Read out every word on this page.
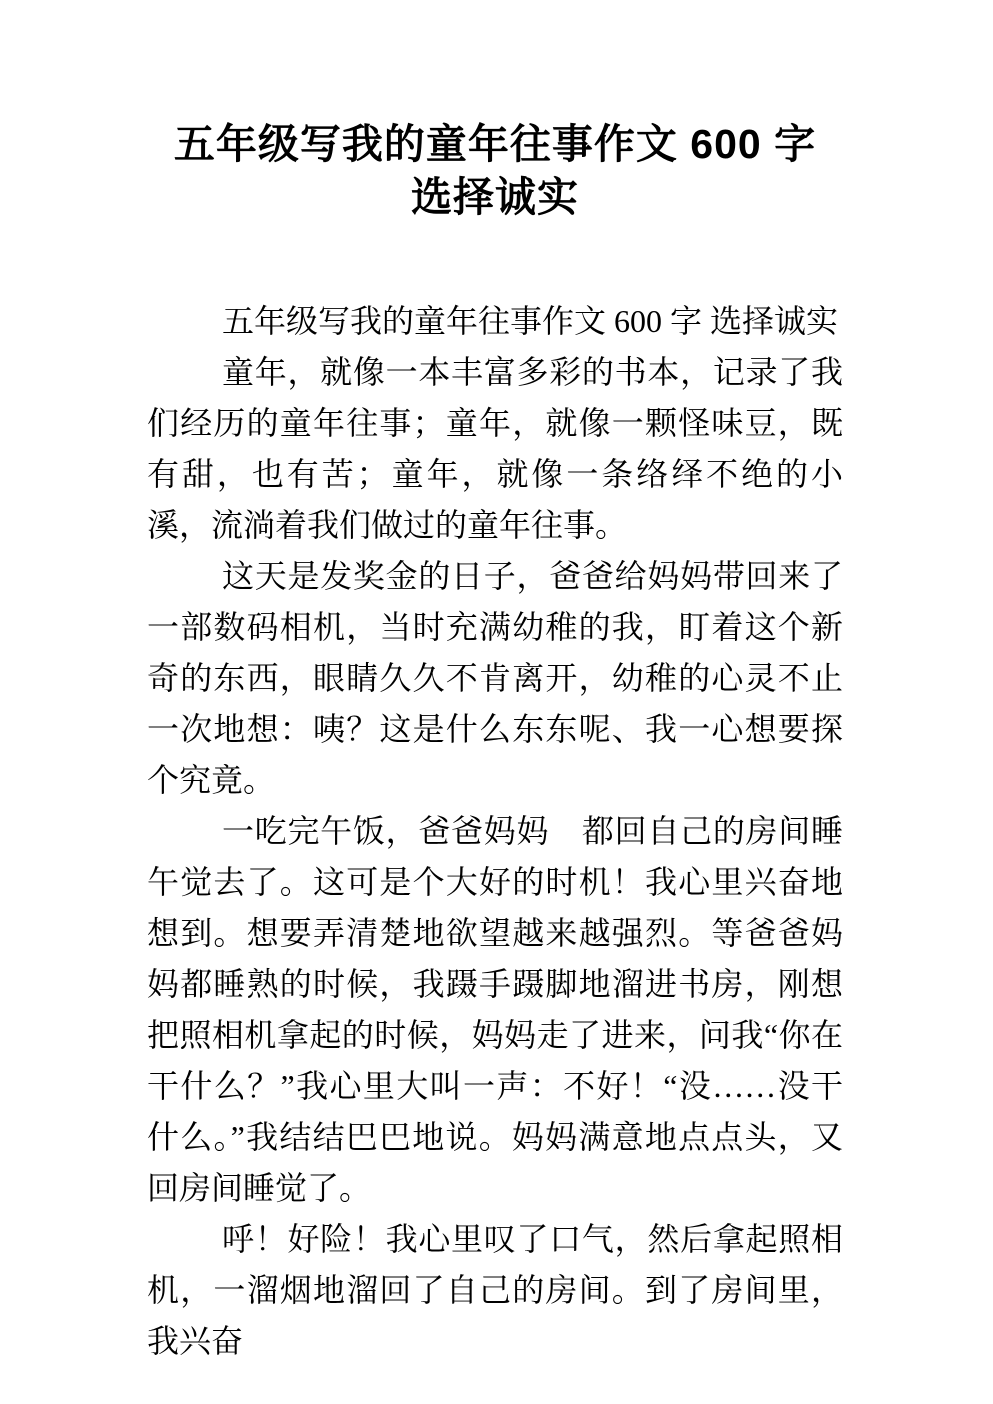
五年级写我的童年往事作文 600 字 选择诚实

五年级写我的童年往事作文 600 字 选择诚实

童年，就像一本丰富多彩的书本，记录了我们经历的童年往事；童年，就像一颗怪味豆，既有甜，也有苦；童年，就像一条络绎不绝的小溪，流淌着我们做过的童年往事。

这天是发奖金的日子，爸爸给妈妈带回来了一部数码相机，当时充满幼稚的我，盯着这个新奇的东西，眼睛久久不肯离开，幼稚的心灵不止一次地想：咦？这是什么东东呢、我一心想要探个究竟。

一吃完午饭，爸爸妈妈　都回自己的房间睡午觉去了。这可是个大好的时机！我心里兴奋地想到。想要弄清楚地欲望越来越强烈。等爸爸妈妈都睡熟的时候，我蹑手蹑脚地溜进书房，刚想把照相机拿起的时候，妈妈走了进来，问我“你在干什么？”我心里大叫一声：不好！“没……没干什么。”我结结巴巴地说。妈妈满意地点点头，又回房间睡觉了。

呼！好险！我心里叹了口气，然后拿起照相机，一溜烟地溜回了自己的房间。到了房间里，我兴奋
